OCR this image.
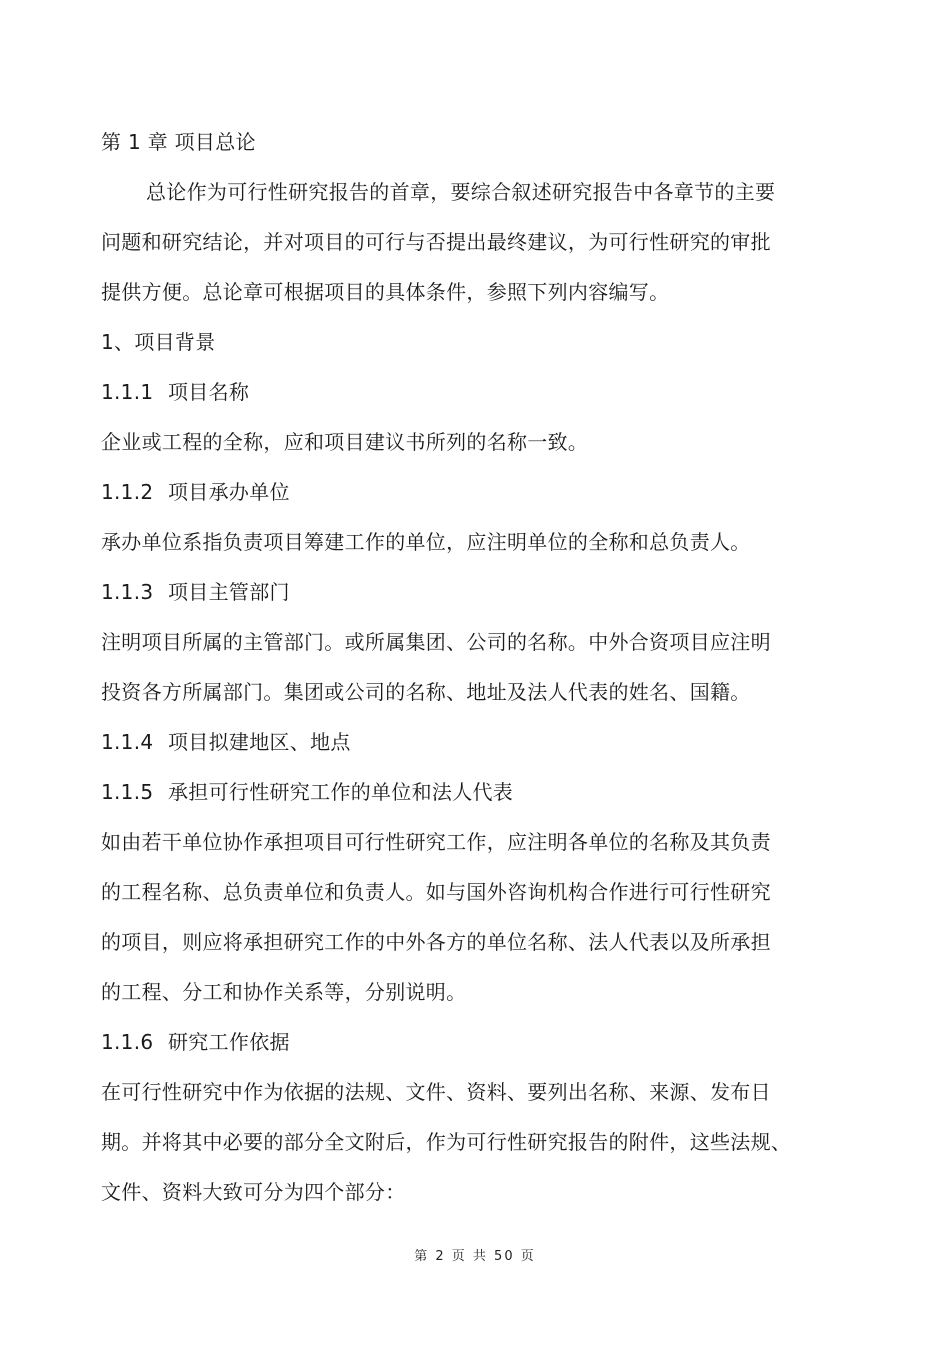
第 1 章 项目总论
总论作为可行性研究报告的首章，要综合叙述研究报告中各章节的主要
问题和研究结论，并对项目的可行与否提出最终建议，为可行性研究的审批
提供方便。总论章可根据项目的具体条件，参照下列内容编写。
1、项目背景
1.1.1 项目名称
企业或工程的全称，应和项目建议书所列的名称一致。
1.1.2 项目承办单位
承办单位系指负责项目筹建工作的单位，应注明单位的全称和总负责人。
1.1.3 项目主管部门
注明项目所属的主管部门。或所属集团、公司的名称。中外合资项目应注明
投资各方所属部门。集团或公司的名称、地址及法人代表的姓名、国籍。
1.1.4 项目拟建地区、地点
1.1.5 承担可行性研究工作的单位和法人代表
如由若干单位协作承担项目可行性研究工作，应注明各单位的名称及其负责
的工程名称、总负责单位和负责人。如与国外咨询机构合作进行可行性研究
的项目，则应将承担研究工作的中外各方的单位名称、法人代表以及所承担
的工程、分工和协作关系等，分别说明。
1.1.6 研究工作依据
在可行性研究中作为依据的法规、文件、资料、要列出名称、来源、发布日
期。并将其中必要的部分全文附后，作为可行性研究报告的附件，这些法规、
文件、资料大致可分为四个部分：
第 2 页 共 50 页
